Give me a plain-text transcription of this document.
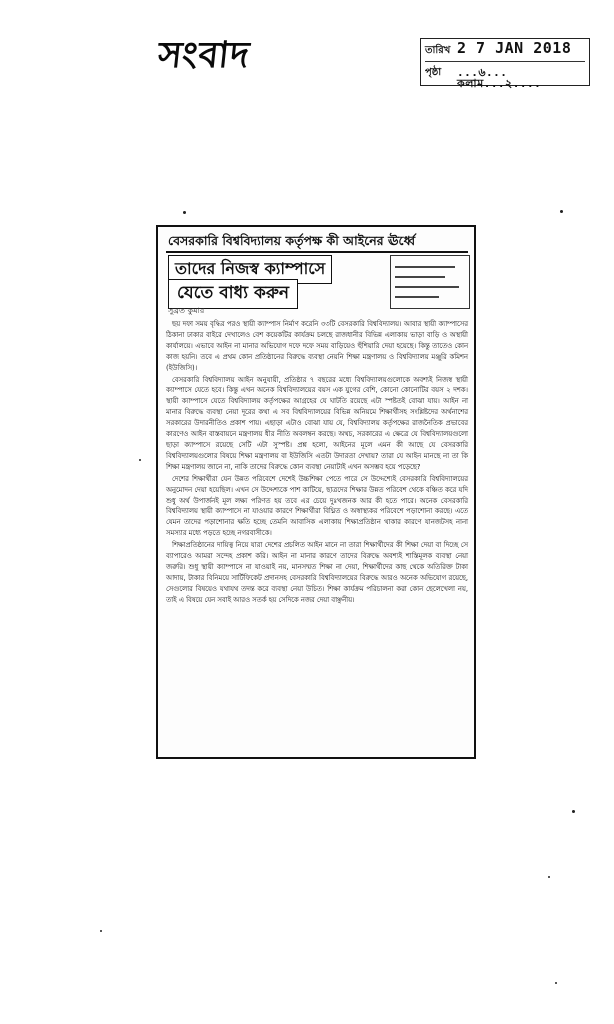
সংবাদ	তারিখ 2 7 JAN 2018
পৃষ্ঠা ...৬... কলাম...২....
বেসরকারি বিশ্ববিদ্যালয় কর্তৃপক্ষ কী আইনের ঊর্ধ্বে
তাদের নিজস্ব ক্যাম্পাসে
যেতে বাধ্য করুন
সুব্রত কুমার

ছয় দফা সময় বৃদ্ধির পরও স্থায়ী ক্যাম্পাস নির্মাণ করেনি ৩৩টি বেসরকারি বিশ্ববিদ্যালয়। আবার স্থায়ী ক্যাম্পাসের ঠিকানা ঢাকার বাইরে দেখালেও বেশ কয়েকটির কার্যক্রম চলছে রাজধানীর বিভিন্ন এলাকায় ভাড়া বাড়ি ও অস্থায়ী কার্যালয়ে। এভাবে আইন না মানার অভিযোগ দফে দফে সময় বাড়িয়েও হুঁশিয়ারি দেয়া হয়েছে। কিন্তু তাতেও কোন কাজ হয়নি। তবে এ প্রথম কোন প্রতিষ্ঠানের বিরুদ্ধে ব্যবস্থা নেয়নি শিক্ষা মন্ত্রণালয় ও বিশ্ববিদ্যালয় মঞ্জুরি কমিশন (ইউজিসি)।

বেসরকারি বিশ্ববিদ্যালয় আইন অনুযায়ী, প্রতিষ্ঠার ৭ বছরের মধ্যে বিশ্ববিদ্যালয়গুলোকে অবশ্যই নিজস্ব স্থায়ী ক্যাম্পাসে যেতে হবে। কিন্তু এখন অনেক বিশ্ববিদ্যালয়ের বয়স এক যুগের বেশি, কোনো কোনোটির বয়স ২ দশক। স্থায়ী ক্যাম্পাসে যেতে বিশ্ববিদ্যালয় কর্তৃপক্ষের আগ্রহের যে ঘাটতি রয়েছে এটা স্পষ্টতই বোঝা যায়। আইন না মানার বিরুদ্ধে ব্যবস্থা নেয়া দূরের কথা এ সব বিশ্ববিদ্যালয়ের বিভিন্ন অনিয়মে শিক্ষার্থীসহ সংশ্লিষ্টদের অর্থনাশের সরকারের উদারনীতিও প্রকাশ পায়। এছাড়া এটাও বোঝা যায় যে, বিশ্ববিদ্যালয় কর্তৃপক্ষের রাজনৈতিক প্রভাবের কারণেও আইন বাস্তবায়নে মন্ত্রণালয় ধীর নীতি অবলম্বন করছে। অথচ, সরকারের এ ক্ষেত্রে যে বিশ্ববিদ্যালয়গুলো ছাড়া ক্যাম্পাসে রয়েছে সেটি এটা সুস্পষ্ট। প্রশ্ন হলো, আইনের মূলে এমন কী আছে যে বেসরকারি বিশ্ববিদ্যালয়গুলোর বিষয়ে শিক্ষা মন্ত্রণালয় বা ইউজিসি এতটা উদারতা দেখায়? তারা যে আইন মানছে না তা কি শিক্ষা মন্ত্রণালয় জানে না, নাকি তাদের বিরুদ্ধে কোন ব্যবস্থা নেয়াটাই এখন অসম্ভব হয়ে পড়েছে?

দেশের শিক্ষার্থীরা যেন উন্নত পরিবেশে দেশেই উচ্চশিক্ষা পেতে পারে সে উদ্দেশ্যেই বেসরকারি বিশ্ববিদ্যালয়ের অনুমোদন দেয়া হয়েছিল। এখন সে উদ্দেশ্যকে পাশ কাটিয়ে, ছাত্রদের শিক্ষার উন্নত পরিবেশ থেকে বঞ্চিত করে যদি শুধু অর্থ উপার্জনই মূল লক্ষ্য পরিণত হয় তবে এর চেয়ে দুঃখজনক আর কী হতে পারে। অনেক বেসরকারি বিশ্ববিদ্যালয় স্থায়ী ক্যাম্পাসে না যাওয়ার কারণে শিক্ষার্থীরা বিঘ্নিত ও অস্বাস্থ্যকর পরিবেশে পড়াশোনা করছে। এতে যেমন তাদের পড়াশোনার ক্ষতি হচ্ছে তেমনি আবাসিক এলাকায় শিক্ষাপ্রতিষ্ঠান থাকার কারণে যানজটসহ নানা সমস্যার মধ্যে পড়তে হচ্ছে নগরবাসীকে।

শিক্ষাপ্রতিষ্ঠানের দায়িত্ব নিয়ে যারা দেশের প্রচলিত আইন মানে না তারা শিক্ষার্থীদের কী শিক্ষা দেয়া বা দিচ্ছে সে ব্যাপারেও আমরা সন্দেহ প্রকাশ করি। আইন না মানার কারণে তাদের বিরুদ্ধে অবশ্যই শাস্তিমূলক ব্যবস্থা নেয়া জরুরি। শুধু স্থায়ী ক্যাম্পাসে না যাওয়াই নয়, মানসম্মত শিক্ষা না দেয়া, শিক্ষার্থীদের কাছ থেকে অতিরিক্ত টাকা আদায়, টাকার বিনিময়ে সার্টিফিকেট প্রদানসহ বেসরকারি বিশ্ববিদ্যালয়ের বিরুদ্ধে আরও অনেক অভিযোগ রয়েছে, সেগুলোর বিষয়েও যথাযথ তদন্ত করে ব্যবস্থা নেয়া উচিত। শিক্ষা কার্যক্রম পরিচালনা করা কোন ছেলেখেলা নয়, তাই এ বিষয়ে যেন সবাই আরও সতর্ক হয় সেদিকে নজর দেয়া বাঞ্ছনীয়।
